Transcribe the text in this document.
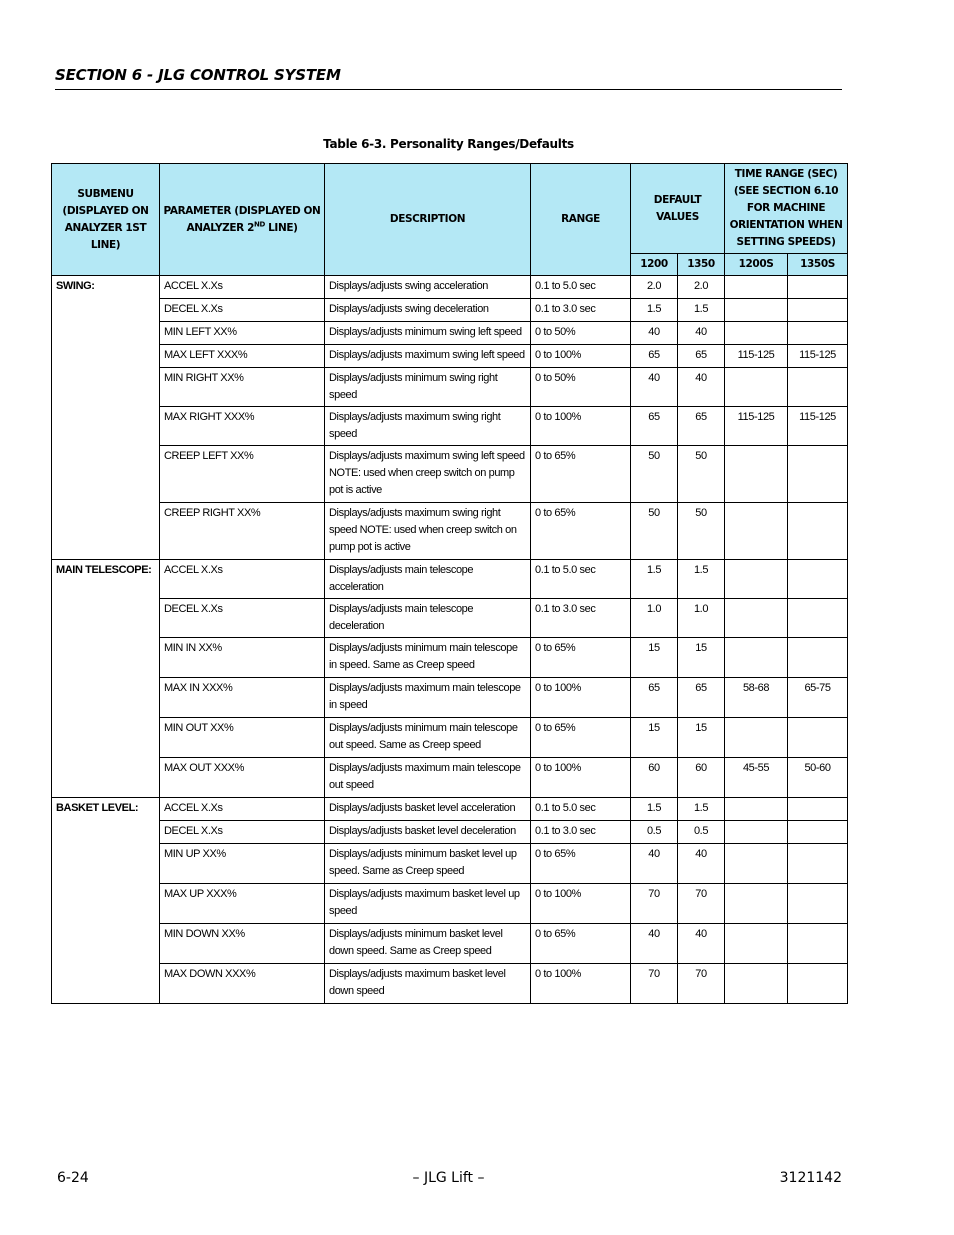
SECTION 6 - JLG CONTROL SYSTEM
Table 6-3. Personality Ranges/Defaults
SUBMENU (DISPLAYED ON ANALYZER 1ST LINE)	PARAMETER (DISPLAYED ON ANALYZER 2ND LINE)	DESCRIPTION	RANGE	DEFAULT VALUES		TIME RANGE (SEC) (SEE SECTION 6.10 FOR MACHINE ORIENTATION WHEN SETTING SPEEDS)	
				1200	1350	1200S	1350S
SWING:	ACCEL X.Xs	Displays/adjusts swing acceleration	0.1 to 5.0 sec	2.0	2.0		
	DECEL X.Xs	Displays/adjusts swing deceleration	0.1 to 3.0 sec	1.5	1.5		
	MIN LEFT XX%	Displays/adjusts minimum swing left speed	0 to 50%	40	40		
	MAX LEFT XXX%	Displays/adjusts maximum swing left speed	0 to 100%	65	65	115-125	115-125
	MIN RIGHT XX%	Displays/adjusts minimum swing right speed	0 to 50%	40	40		
	MAX RIGHT XXX%	Displays/adjusts maximum swing right speed	0 to 100%	65	65	115-125	115-125
	CREEP LEFT XX%	Displays/adjusts maximum swing left speed NOTE: used when creep switch on pump pot is active	0 to 65%	50	50		
	CREEP RIGHT XX%	Displays/adjusts maximum swing right speed NOTE: used when creep switch on pump pot is active	0 to 65%	50	50		
MAIN TELESCOPE:	ACCEL X.Xs	Displays/adjusts main telescope acceleration	0.1 to 5.0 sec	1.5	1.5		
	DECEL X.Xs	Displays/adjusts main telescope deceleration	0.1 to 3.0 sec	1.0	1.0		
	MIN IN XX%	Displays/adjusts minimum main telescope in speed. Same as Creep speed	0 to 65%	15	15		
	MAX IN XXX%	Displays/adjusts maximum main telescope in speed	0 to 100%	65	65	58-68	65-75
	MIN OUT XX%	Displays/adjusts minimum main telescope out speed. Same as Creep speed	0 to 65%	15	15		
	MAX OUT XXX%	Displays/adjusts maximum main telescope out speed	0 to 100%	60	60	45-55	50-60
BASKET LEVEL:	ACCEL X.Xs	Displays/adjusts basket level acceleration	0.1 to 5.0 sec	1.5	1.5		
	DECEL X.Xs	Displays/adjusts basket level deceleration	0.1 to 3.0 sec	0.5	0.5		
	MIN UP XX%	Displays/adjusts minimum basket level up speed. Same as Creep speed	0 to 65%	40	40		
	MAX UP XXX%	Displays/adjusts maximum basket level up speed	0 to 100%	70	70		
	MIN DOWN XX%	Displays/adjusts minimum basket level down speed. Same as Creep speed	0 to 65%	40	40		
	MAX DOWN XXX%	Displays/adjusts maximum basket level down speed	0 to 100%	70	70		
6-24	– JLG Lift –	3121142
